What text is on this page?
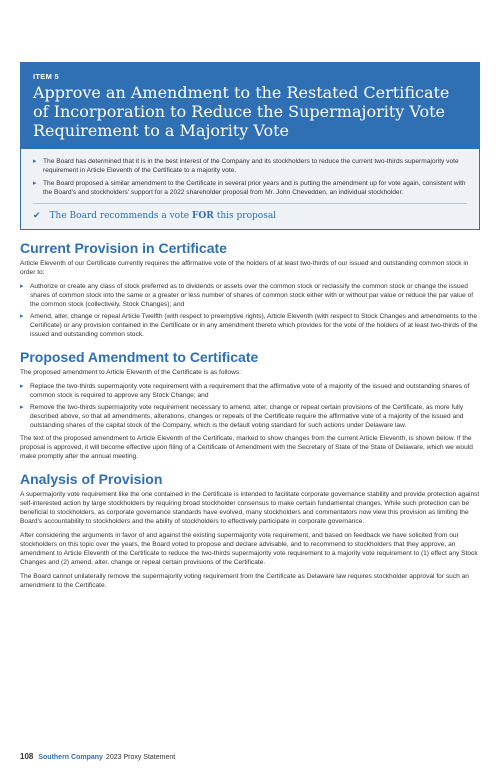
ITEM 5
Approve an Amendment to the Restated Certificate of Incorporation to Reduce the Supermajority Vote Requirement to a Majority Vote
▸ The Board has determined that it is in the best interest of the Company and its stockholders to reduce the current two-thirds supermajority vote requirement in Article Eleventh of the Certificate to a majority vote.
▸ The Board proposed a similar amendment to the Certificate in several prior years and is putting the amendment up for vote again, consistent with the Board's and stockholders' support for a 2022 shareholder proposal from Mr. John Chevedden, an individual stockholder.
✔ The Board recommends a vote FOR this proposal
Current Provision in Certificate

Article Eleventh of our Certificate currently requires the affirmative vote of the holders of at least two-thirds of our issued and outstanding common stock in order to:

▸ Authorize or create any class of stock preferred as to dividends or assets over the common stock or reclassify the common stock or change the issued shares of common stock into the same or a greater or less number of shares of common stock either with or without par value or reduce the par value of the common stock (collectively, Stock Changes); and
▸ Amend, alter, change or repeal Article Twelfth (with respect to preemptive rights), Article Eleventh (with respect to Stock Changes and amendments to the Certificate) or any provision contained in the Certificate or in any amendment thereto which provides for the vote of the holders of at least two-thirds of the issued and outstanding common stock.
Proposed Amendment to Certificate

The proposed amendment to Article Eleventh of the Certificate is as follows:

▸ Replace the two-thirds supermajority vote requirement with a requirement that the affirmative vote of a majority of the issued and outstanding shares of common stock is required to approve any Stock Change; and
▸ Remove the two-thirds supermajority vote requirement necessary to amend, alter, change or repeal certain provisions of the Certificate, as more fully described above, so that all amendments, alterations, changes or repeals of the Certificate require the affirmative vote of a majority of the issued and outstanding shares of the capital stock of the Company, which is the default voting standard for such actions under Delaware law.

The text of the proposed amendment to Article Eleventh of the Certificate, marked to show changes from the current Article Eleventh, is shown below. If the proposal is approved, it will become effective upon filing of a Certificate of Amendment with the Secretary of State of the State of Delaware, which we would make promptly after the annual meeting.

Analysis of Provision

A supermajority vote requirement like the one contained in the Certificate is intended to facilitate corporate governance stability and provide protection against self-interested action by large stockholders by requiring broad stockholder consensus to make certain fundamental changes. While such protection can be beneficial to stockholders, as corporate governance standards have evolved, many stockholders and commentators now view this provision as limiting the Board's accountability to stockholders and the ability of stockholders to effectively participate in corporate governance.

After considering the arguments in favor of and against the existing supermajority vote requirement, and based on feedback we have solicited from our stockholders on this topic over the years, the Board voted to propose and declare advisable, and to recommend to stockholders that they approve, an amendment to Article Eleventh of the Certificate to reduce the two-thirds supermajority vote requirement to a majority vote requirement to (1) effect any Stock Changes and (2) amend, alter, change or repeal certain provisions of the Certificate.

The Board cannot unilaterally remove the supermajority voting requirement from the Certificate as Delaware law requires stockholder approval for such an amendment to the Certificate.

108 Southern Company 2023 Proxy Statement
